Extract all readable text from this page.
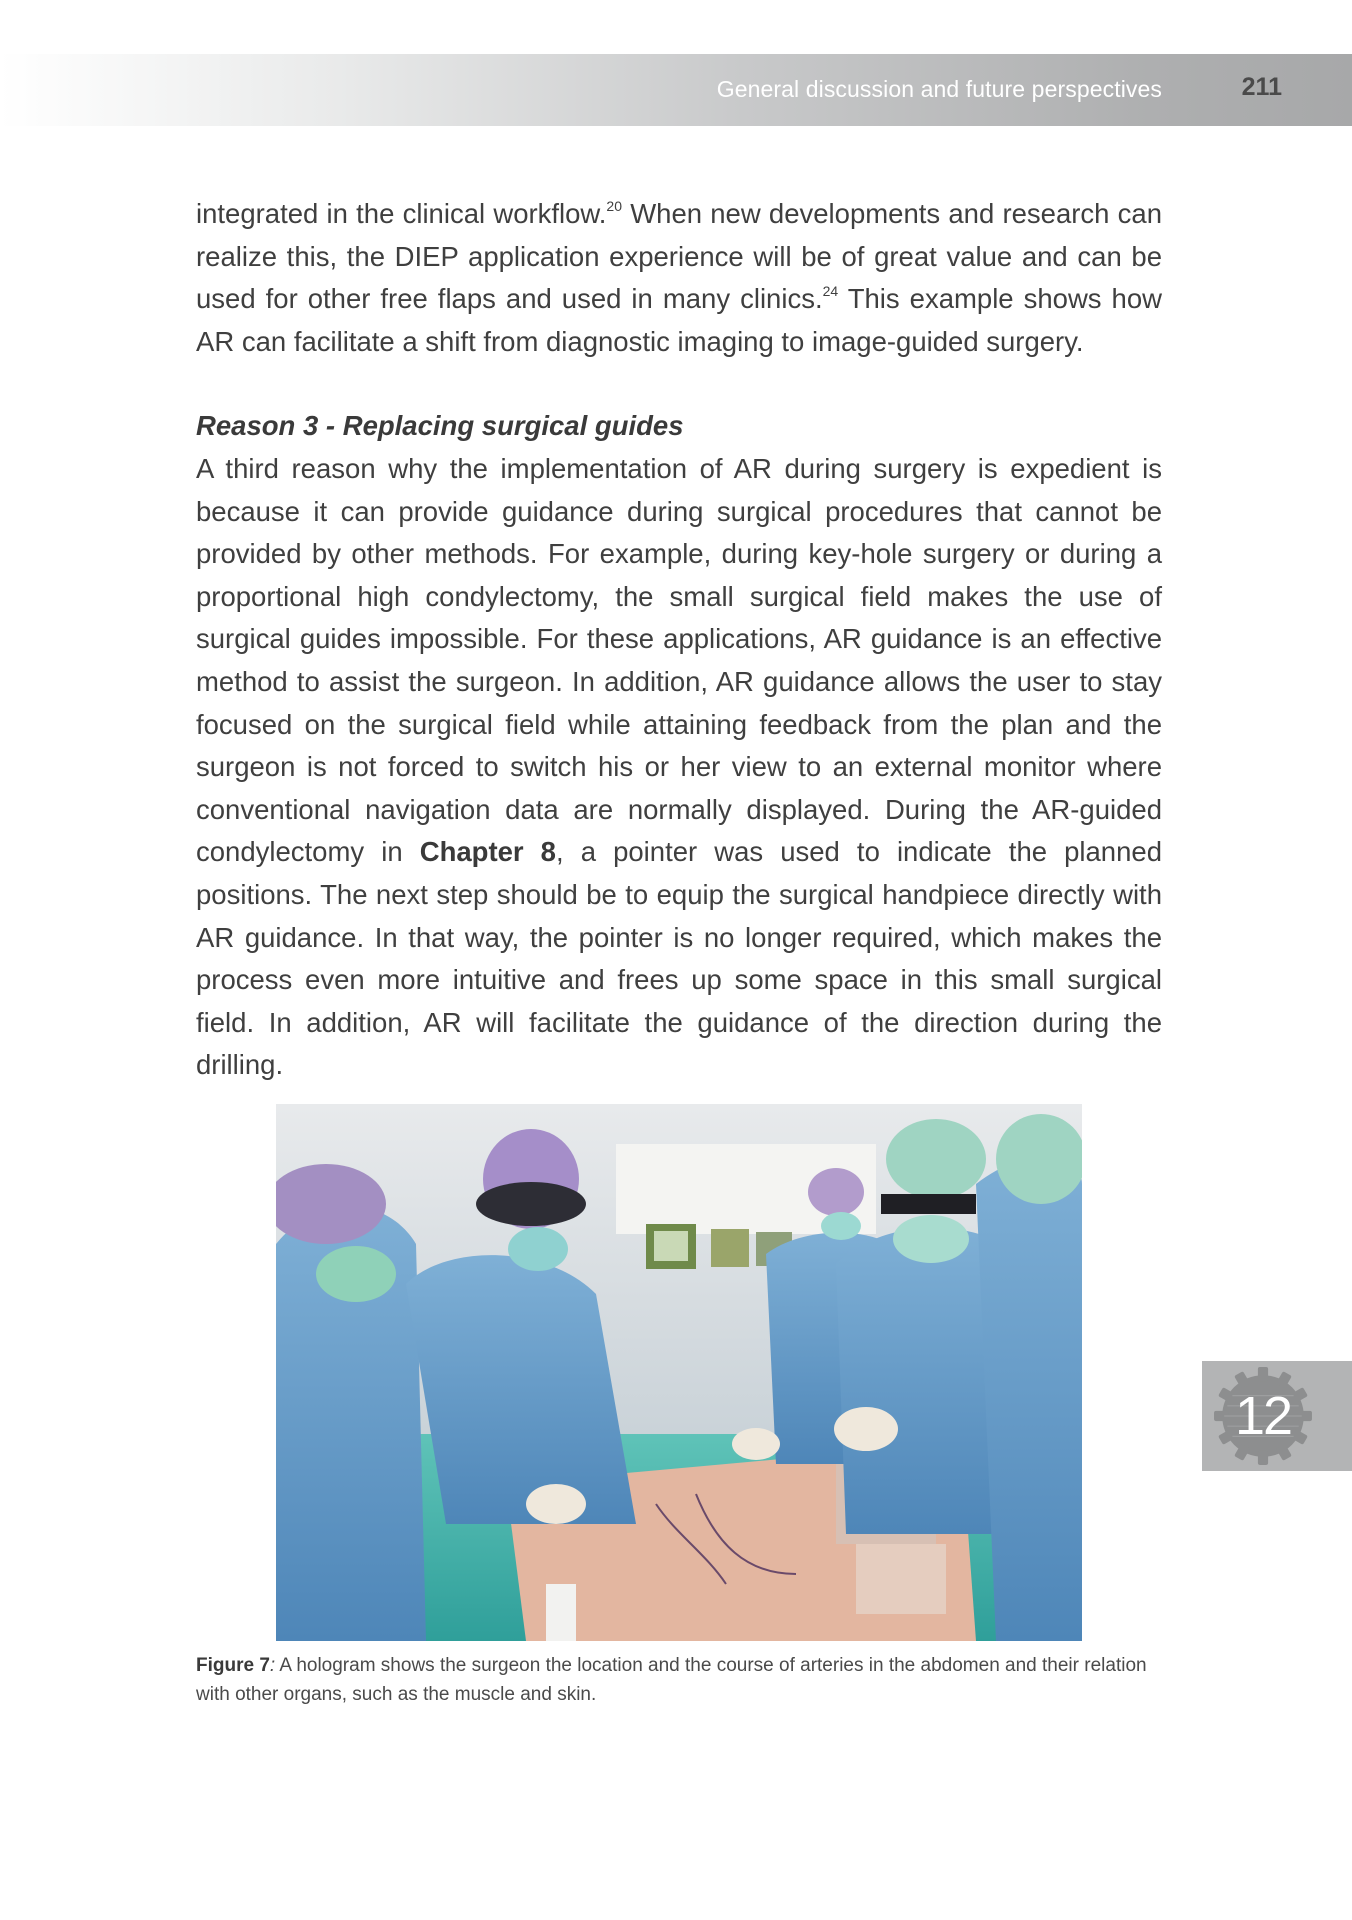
General discussion and future perspectives	211

integrated in the clinical workflow.$^{20}$ When new developments and research can realize this, the DIEP application experience will be of great value and can be used for other free flaps and used in many clinics.$^{24}$ This example shows how AR can facilitate a shift from diagnostic imaging to image-guided surgery.

Reason 3 - Replacing surgical guides

A third reason why the implementation of AR during surgery is expedient is because it can provide guidance during surgical procedures that cannot be provided by other methods. For example, during key-hole surgery or during a proportional high condylectomy, the small surgical field makes the use of surgical guides impossible. For these applications, AR guidance is an effective method to assist the surgeon. In addition, AR guidance allows the user to stay focused on the surgical field while attaining feedback from the plan and the surgeon is not forced to switch his or her view to an external monitor where conventional navigation data are normally displayed. During the AR-guided condylectomy in Chapter 8, a pointer was used to indicate the planned positions. The next step should be to equip the surgical handpiece directly with AR guidance. In that way, the pointer is no longer required, which makes the process even more intuitive and frees up some space in this small surgical field. In addition, AR will facilitate the guidance of the direction during the drilling.

Figure 7: A hologram shows the surgeon the location and the course of arteries in the abdomen and their relation with other organs, such as the muscle and skin.

12
